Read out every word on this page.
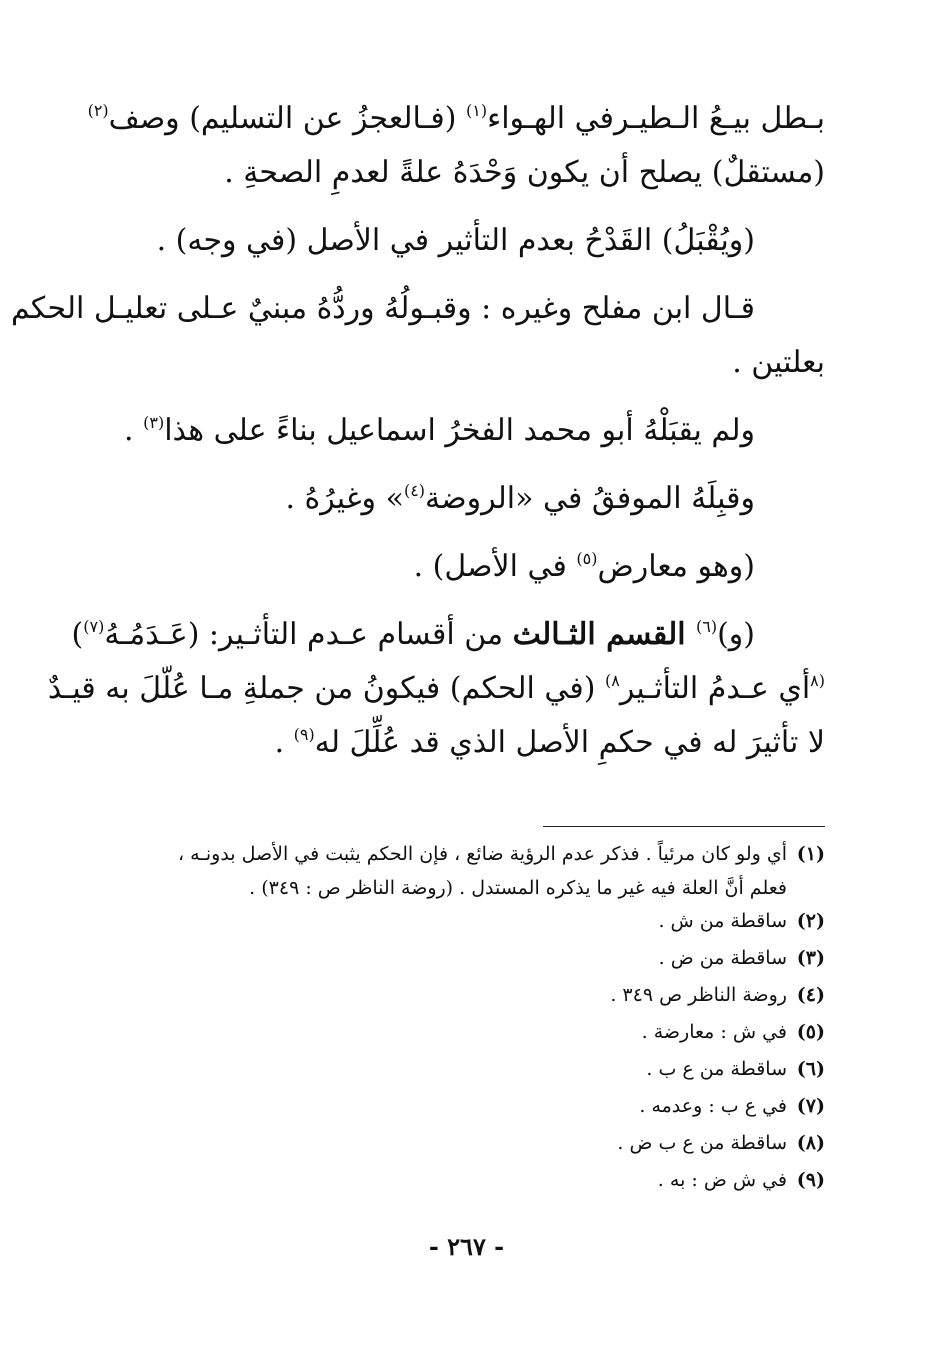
بـطل بيـعُ الـطيـرفي الهـواء$^{(١)}$ (فـالعجزُ عن التسليم) وصف$^{(٢)}$
(مستقلٌ) يصلح أن يكون وَحْدَهُ علةً لعدمِ الصحةِ .
(ويُقْبَلُ) القَدْحُ بعدم التأثير في الأصل (في وجه) .
قـال ابن مفلح وغيره : وقبـولُهُ وردُّهُ مبنيٌ عـلى تعليـل الحكم
بعلتين .
ولم يقبَلْهُ أبو محمد الفخرُ اسماعيل بناءً على هذا$^{(٣)}$ .
وقبِلَهُ الموفقُ في «الروضة$^{(٤)}$» وغيرُهُ .
(وهو معارض$^{(٥)}$ في الأصل) .
(و)$^{(٦)}$ القسم الثـالث من أقسام عـدم التأثـير: (عَـدَمُـهُ$^{(٧)}$)
$^{(٨}$أي عـدمُ التأثـير$^{٨)}$ (في الحكم) فيكونُ من جملةِ مـا عُلّلَ به قيـدٌ
لا تأثيرَ له في حكمِ الأصل الذي قد عُلِّلَ له$^{(٩)}$ .
(١)أي ولو كان مرئياً . فذكر عدم الرؤية ضائع ، فإن الحكم يثبت في الأصل بدونـه ،
فعلم أنَّ العلة فيه غير ما يذكره المستدل . (روضة الناظر ص : ٣٤٩) .
(٢)ساقطة من ش .
(٣)ساقطة من ض .
(٤)روضة الناظر ص ٣٤٩ .
(٥)في ش : معارضة .
(٦)ساقطة من ع ب .
(٧)في ع ب : وعدمه .
(٨)ساقطة من ع ب ض .
(٩)في ش ض : به .
- ٢٦٧ -
